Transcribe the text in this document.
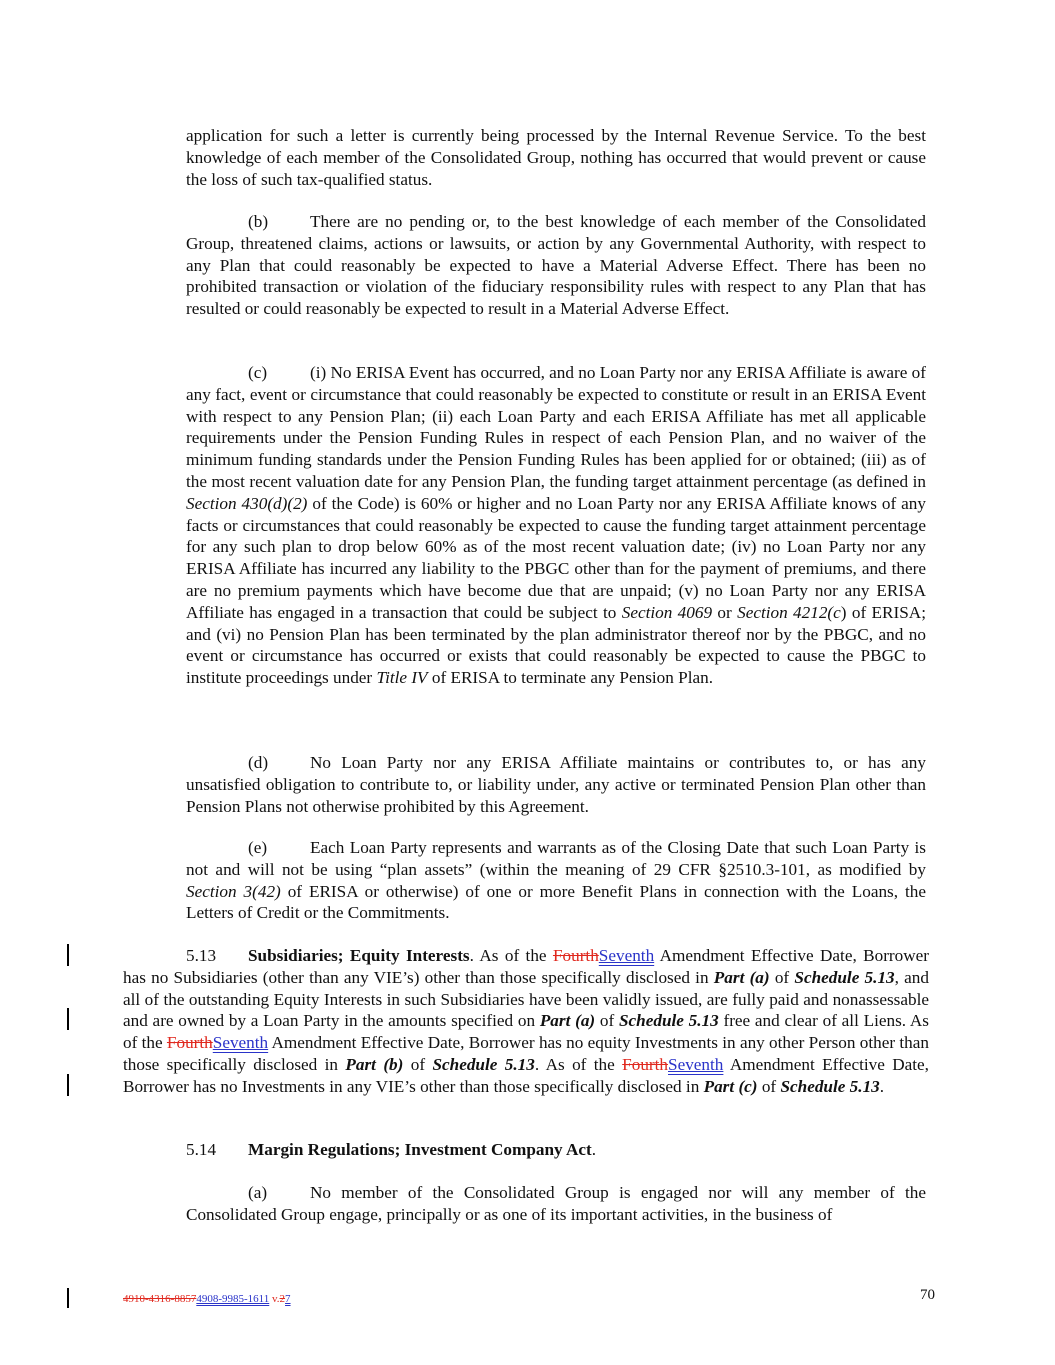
application for such a letter is currently being processed by the Internal Revenue Service. To the best knowledge of each member of the Consolidated Group, nothing has occurred that would prevent or cause the loss of such tax-qualified status.
(b) There are no pending or, to the best knowledge of each member of the Consolidated Group, threatened claims, actions or lawsuits, or action by any Governmental Authority, with respect to any Plan that could reasonably be expected to have a Material Adverse Effect. There has been no prohibited transaction or violation of the fiduciary responsibility rules with respect to any Plan that has resulted or could reasonably be expected to result in a Material Adverse Effect.
(c) (i) No ERISA Event has occurred, and no Loan Party nor any ERISA Affiliate is aware of any fact, event or circumstance that could reasonably be expected to constitute or result in an ERISA Event with respect to any Pension Plan; (ii) each Loan Party and each ERISA Affiliate has met all applicable requirements under the Pension Funding Rules in respect of each Pension Plan, and no waiver of the minimum funding standards under the Pension Funding Rules has been applied for or obtained; (iii) as of the most recent valuation date for any Pension Plan, the funding target attainment percentage (as defined in Section 430(d)(2) of the Code) is 60% or higher and no Loan Party nor any ERISA Affiliate knows of any facts or circumstances that could reasonably be expected to cause the funding target attainment percentage for any such plan to drop below 60% as of the most recent valuation date; (iv) no Loan Party nor any ERISA Affiliate has incurred any liability to the PBGC other than for the payment of premiums, and there are no premium payments which have become due that are unpaid; (v) no Loan Party nor any ERISA Affiliate has engaged in a transaction that could be subject to Section 4069 or Section 4212(c) of ERISA; and (vi) no Pension Plan has been terminated by the plan administrator thereof nor by the PBGC, and no event or circumstance has occurred or exists that could reasonably be expected to cause the PBGC to institute proceedings under Title IV of ERISA to terminate any Pension Plan.
(d) No Loan Party nor any ERISA Affiliate maintains or contributes to, or has any unsatisfied obligation to contribute to, or liability under, any active or terminated Pension Plan other than Pension Plans not otherwise prohibited by this Agreement.
(e) Each Loan Party represents and warrants as of the Closing Date that such Loan Party is not and will not be using “plan assets” (within the meaning of 29 CFR §2510.3-101, as modified by Section 3(42) of ERISA or otherwise) of one or more Benefit Plans in connection with the Loans, the Letters of Credit or the Commitments.
5.13 Subsidiaries; Equity Interests. As of the FourthSeventh Amendment Effective Date, Borrower has no Subsidiaries (other than any VIE’s) other than those specifically disclosed in Part (a) of Schedule 5.13, and all of the outstanding Equity Interests in such Subsidiaries have been validly issued, are fully paid and nonassessable and are owned by a Loan Party in the amounts specified on Part (a) of Schedule 5.13 free and clear of all Liens. As of the FourthSeventh Amendment Effective Date, Borrower has no equity Investments in any other Person other than those specifically disclosed in Part (b) of Schedule 5.13. As of the FourthSeventh Amendment Effective Date, Borrower has no Investments in any VIE’s other than those specifically disclosed in Part (c) of Schedule 5.13.
5.14 Margin Regulations; Investment Company Act.
(a) No member of the Consolidated Group is engaged nor will any member of the Consolidated Group engage, principally or as one of its important activities, in the business of
4910-4316-88574908-9985-1611 v.27	70
